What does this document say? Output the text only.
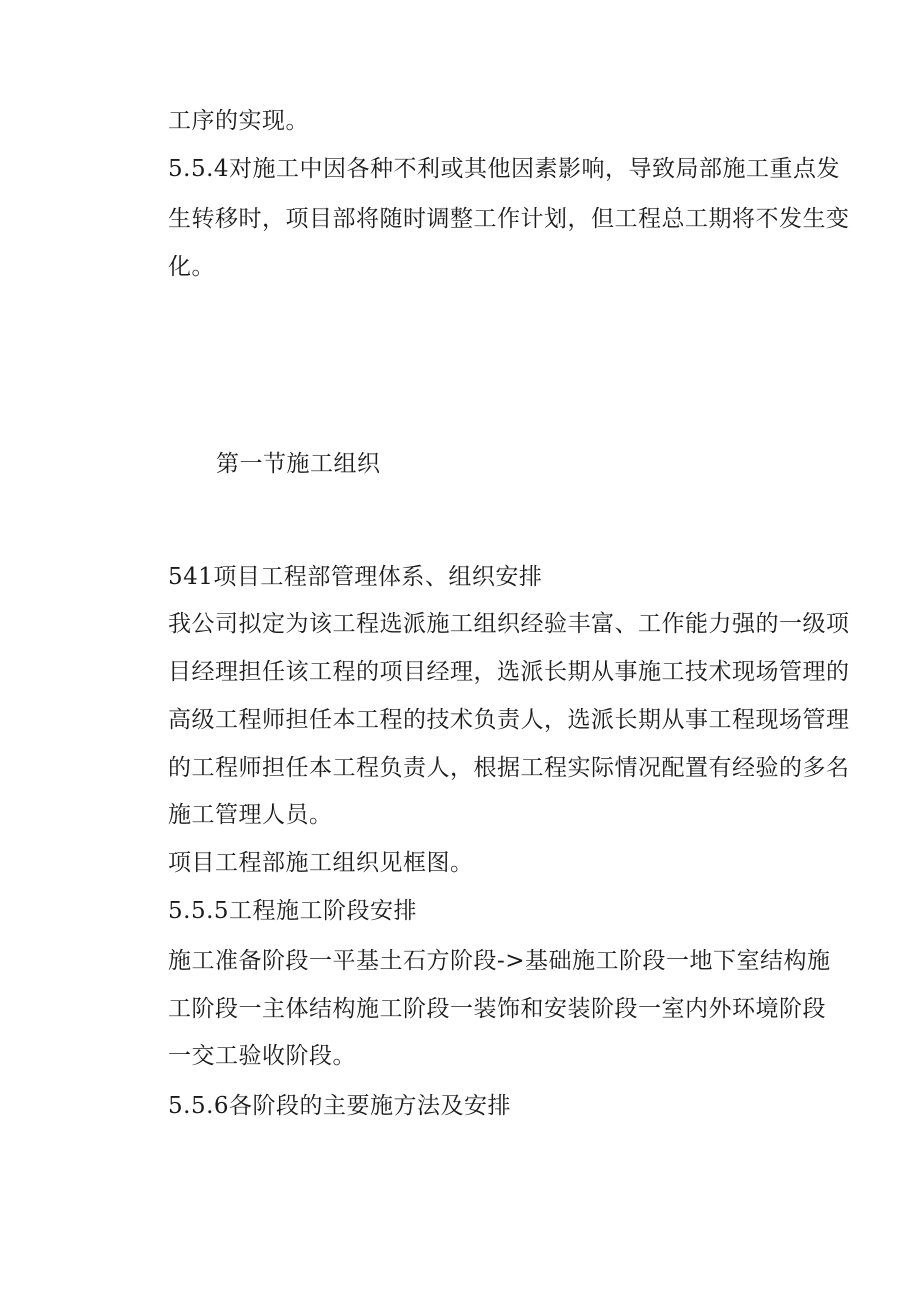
工序的实现。
5.5.4对施工中因各种不利或其他因素影响，导致局部施工重点发
生转移时，项目部将随时调整工作计划，但工程总工期将不发生变
化。
第一节施工组织
541项目工程部管理体系、组织安排
我公司拟定为该工程选派施工组织经验丰富、工作能力强的一级项
目经理担任该工程的项目经理，选派长期从事施工技术现场管理的
高级工程师担任本工程的技术负责人，选派长期从事工程现场管理
的工程师担任本工程负责人，根据工程实际情况配置有经验的多名
施工管理人员。
项目工程部施工组织见框图。
5.5.5工程施工阶段安排
施工准备阶段一平基土石方阶段->基础施工阶段一地下室结构施
工阶段一主体结构施工阶段一装饰和安装阶段一室内外环境阶段
一交工验收阶段。
5.5.6各阶段的主要施方法及安排
